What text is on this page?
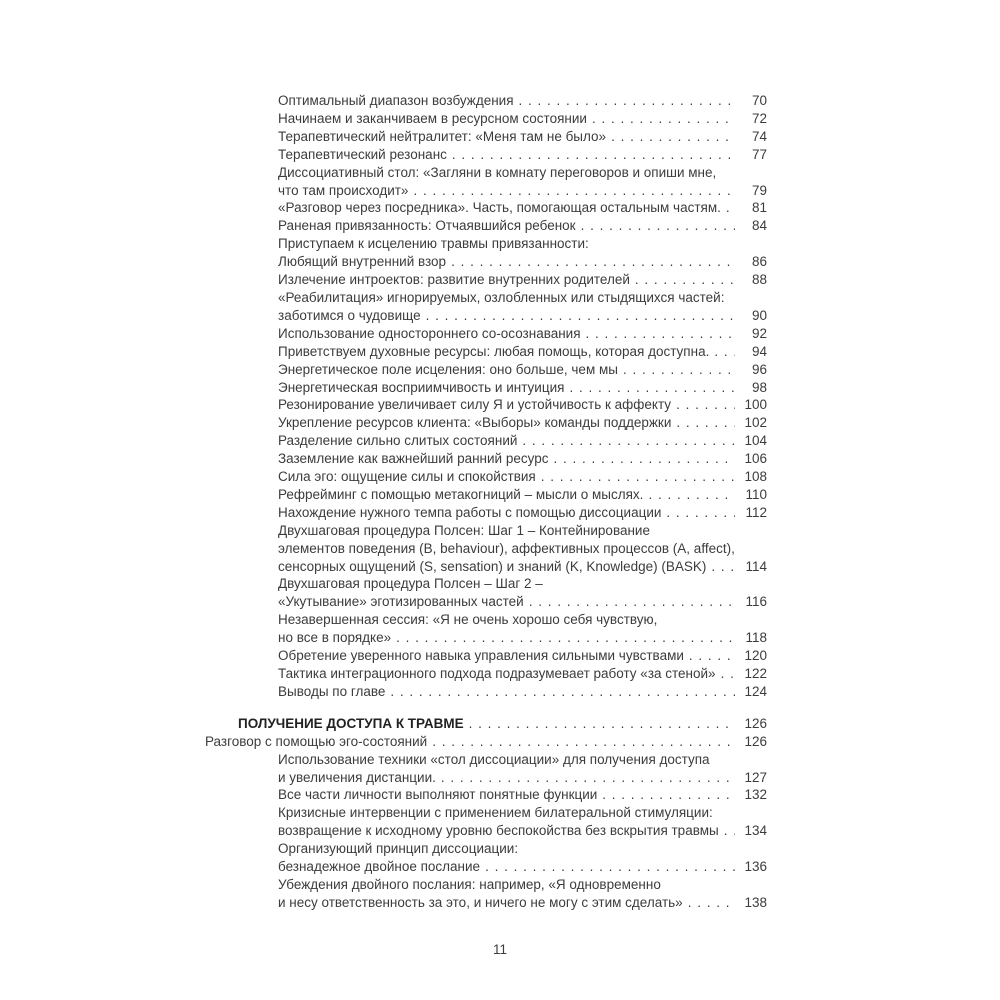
Оптимальный диапазон возбуждения . . .	70
Начинаем и заканчиваем в ресурсном состоянии . . .	72
Терапевтический нейтралитет: «Меня там не было» . . .	74
Терапевтический резонанс . . .	77
Диссоциативный стол: «Загляни в комнату переговоров и опиши мне,
что там происходит» . . .	79
«Разговор через посредника». Часть, помогающая остальным частям. . . .	81
Раненая привязанность: Отчаявшийся ребенок . . .	84
Приступаем к исцелению травмы привязанности:
Любящий внутренний взор . . .	86
Излечение интроектов: развитие внутренних родителей . . .	88
«Реабилитация» игнорируемых, озлобленных или стыдящихся частей:
заботимся о чудовище . . .	90
Использование одностороннего со-осознавания . . .	92
Приветствуем духовные ресурсы: любая помощь, которая доступна. . . .	94
Энергетическое поле исцеления: оно больше, чем мы . . .	96
Энергетическая восприимчивость и интуиция . . .	98
Резонирование увеличивает силу Я и устойчивость к аффекту . . .	100
Укрепление ресурсов клиента: «Выборы» команды поддержки . . .	102
Разделение сильно слитых состояний . . .	104
Заземление как важнейший ранний ресурс . . .	106
Сила эго: ощущение силы и спокойствия . . .	108
Рефрейминг с помощью метакогниций – мысли о мыслях. . . .	110
Нахождение нужного темпа работы с помощью диссоциации . . .	112
Двухшаговая процедура Полсен: Шаг 1 – Контейнирование
элементов поведения (B, behaviour), аффективных процессов (A, affect),
сенсорных ощущений (S, sensation) и знаний (K, Knowledge) (BASK) . . .	114
Двухшаговая процедура Полсен – Шаг 2 –
«Укутывание» эготизированных частей . . .	116
Незавершенная сессия: «Я не очень хорошо себя чувствую,
но все в порядке» . . .	118
Обретение уверенного навыка управления сильными чувствами . . .	120
Тактика интеграционного подхода подразумевает работу «за стеной» . . .	122
Выводы по главе . . .	124
ПОЛУЧЕНИЕ ДОСТУПА К ТРАВМЕ . . .	126
Разговор с помощью эго-состояний . . .	126
Использование техники «стол диссоциации» для получения доступа
и увеличения дистанции. . . .	127
Все части личности выполняют понятные функции . . .	132
Кризисные интервенции с применением билатеральной стимуляции:
возвращение к исходному уровню беспокойства без вскрытия травмы . . .	134
Организующий принцип диссоциации:
безнадежное двойное послание . . .	136
Убеждения двойного послания: например, «Я одновременно
и несу ответственность за это, и ничего не могу с этим сделать» . . .	138
11
